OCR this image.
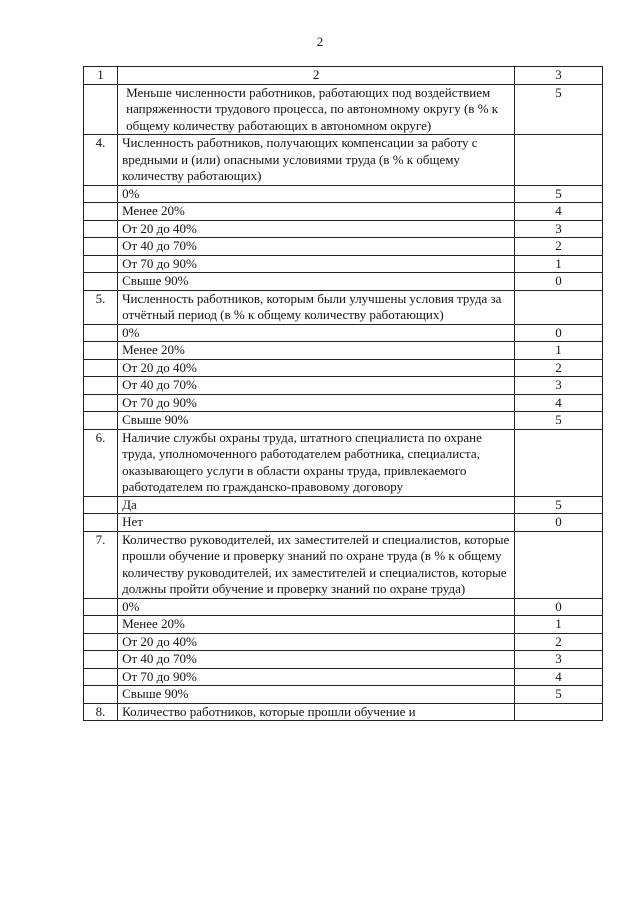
2
1	2	3
	Меньше численности работников, работающих под воздействием напряженности трудового процесса, по автономному округу (в % к общему количеству работающих в автономном округе)	5
4.	Численность работников, получающих компенсации за работу с вредными и (или) опасными условиями труда (в % к общему количеству работающих)	
	0%	5
	Менее 20%	4
	От 20 до 40%	3
	От 40 до 70%	2
	От 70 до 90%	1
	Свыше 90%	0
5.	Численность работников, которым были улучшены условия труда за отчётный период (в % к общему количеству работающих)	
	0%	0
	Менее 20%	1
	От 20 до 40%	2
	От 40 до 70%	3
	От 70 до 90%	4
	Свыше 90%	5
6.	Наличие службы охраны труда, штатного специалиста по охране труда, уполномоченного работодателем работника, специалиста, оказывающего услуги в области охраны труда, привлекаемого работодателем по гражданско-правовому договору	
	Да	5
	Нет	0
7.	Количество руководителей, их заместителей и специалистов, которые прошли обучение и проверку знаний по охране труда (в % к общему количеству руководителей, их заместителей и специалистов, которые должны пройти обучение и проверку знаний по охране труда)	
	0%	0
	Менее 20%	1
	От 20 до 40%	2
	От 40 до 70%	3
	От 70 до 90%	4
	Свыше 90%	5
8.	Количество работников, которые прошли обучение и	
